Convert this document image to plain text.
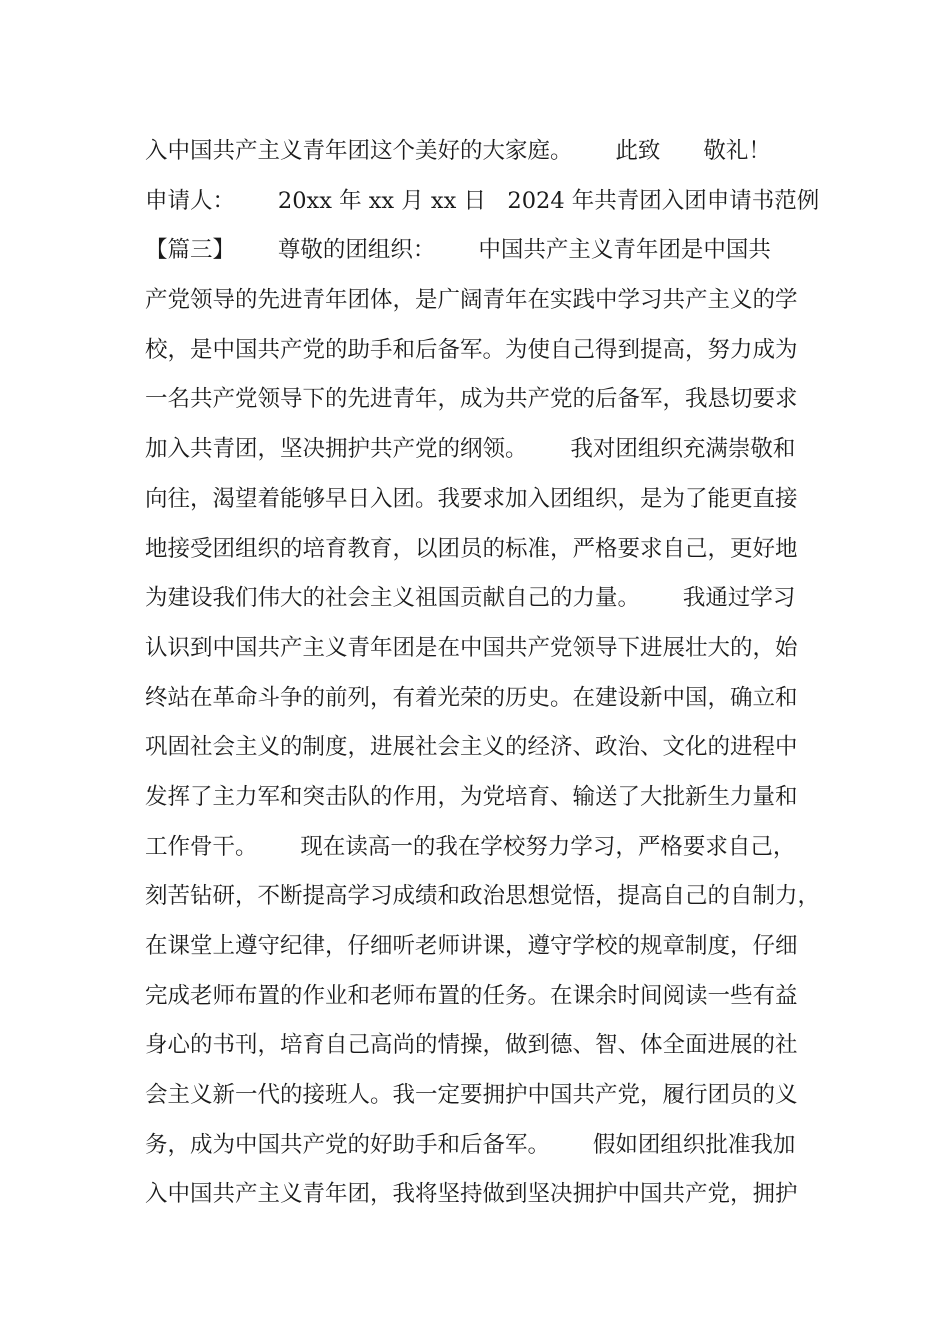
入中国共产主义青年团这个美好的大家庭。      此致      敬礼！
申请人：      20xx 年 xx 月 xx 日   2024 年共青团入团申请书范例
【篇三】      尊敬的团组织：      中国共产主义青年团是中国共
产党领导的先进青年团体，是广阔青年在实践中学习共产主义的学
校，是中国共产党的助手和后备军。为使自己得到提高，努力成为
一名共产党领导下的先进青年，成为共产党的后备军，我恳切要求
加入共青团，坚决拥护共产党的纲领。      我对团组织充满崇敬和
向往，渴望着能够早日入团。我要求加入团组织，是为了能更直接
地接受团组织的培育教育，以团员的标准，严格要求自己，更好地
为建设我们伟大的社会主义祖国贡献自己的力量。      我通过学习
认识到中国共产主义青年团是在中国共产党领导下进展壮大的，始
终站在革命斗争的前列，有着光荣的历史。在建设新中国，确立和
巩固社会主义的制度，进展社会主义的经济、政治、文化的进程中
发挥了主力军和突击队的作用，为党培育、输送了大批新生力量和
工作骨干。      现在读高一的我在学校努力学习，严格要求自己，
刻苦钻研，不断提高学习成绩和政治思想觉悟，提高自己的自制力，
在课堂上遵守纪律，仔细听老师讲课，遵守学校的规章制度，仔细
完成老师布置的作业和老师布置的任务。在课余时间阅读一些有益
身心的书刊，培育自己高尚的情操，做到德、智、体全面进展的社
会主义新一代的接班人。我一定要拥护中国共产党，履行团员的义
务，成为中国共产党的好助手和后备军。      假如团组织批准我加
入中国共产主义青年团，我将坚持做到坚决拥护中国共产党，拥护
